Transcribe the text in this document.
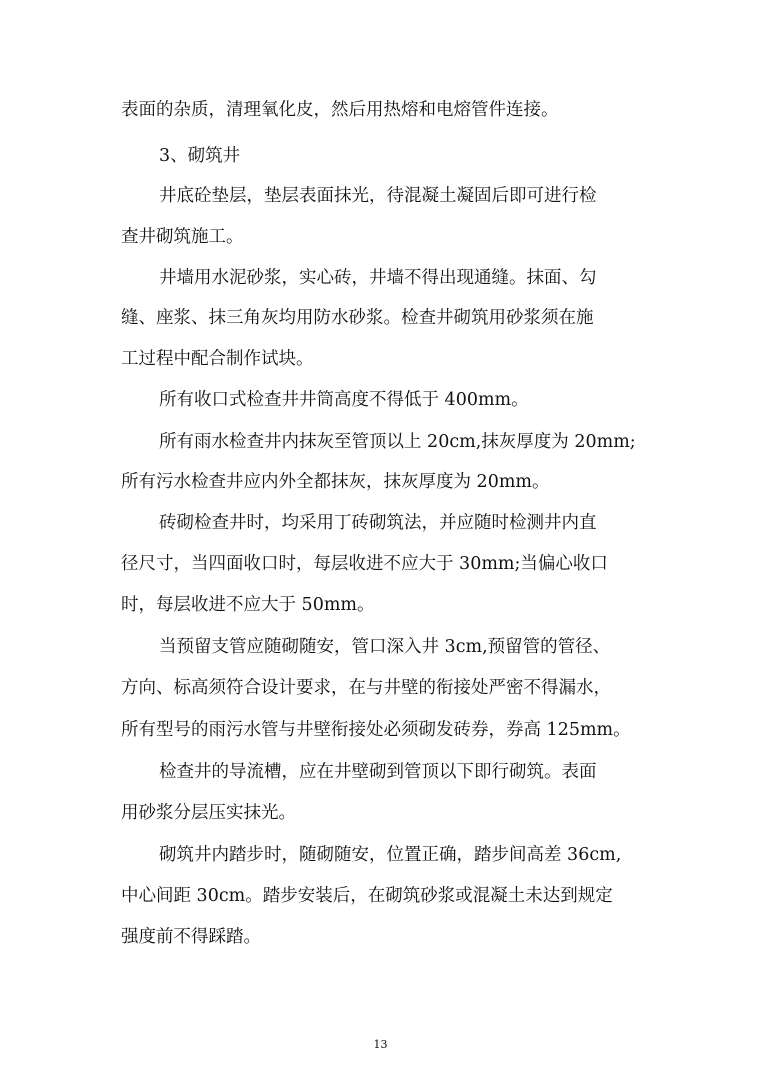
表面的杂质，清理氧化皮，然后用热熔和电熔管件连接。
3、砌筑井
井底砼垫层，垫层表面抹光，待混凝土凝固后即可进行检
查井砌筑施工。
井墙用水泥砂浆，实心砖，井墙不得出现通缝。抹面、勾
缝、座浆、抹三角灰均用防水砂浆。检查井砌筑用砂浆须在施
工过程中配合制作试块。
所有收口式检查井井筒高度不得低于 400mm。
所有雨水检查井内抹灰至管顶以上 20cm,抹灰厚度为 20mm;
所有污水检查井应内外全都抹灰，抹灰厚度为 20mm。
砖砌检查井时，均采用丁砖砌筑法，并应随时检测井内直
径尺寸，当四面收口时，每层收进不应大于 30mm;当偏心收口
时，每层收进不应大于 50mm。
当预留支管应随砌随安，管口深入井 3cm,预留管的管径、
方向、标高须符合设计要求，在与井壁的衔接处严密不得漏水，
所有型号的雨污水管与井壁衔接处必须砌发砖券，券高 125mm。
检查井的导流槽，应在井壁砌到管顶以下即行砌筑。表面
用砂浆分层压实抹光。
砌筑井内踏步时，随砌随安，位置正确，踏步间高差 36cm,
中心间距 30cm。踏步安装后，在砌筑砂浆或混凝土未达到规定
强度前不得踩踏。
13
